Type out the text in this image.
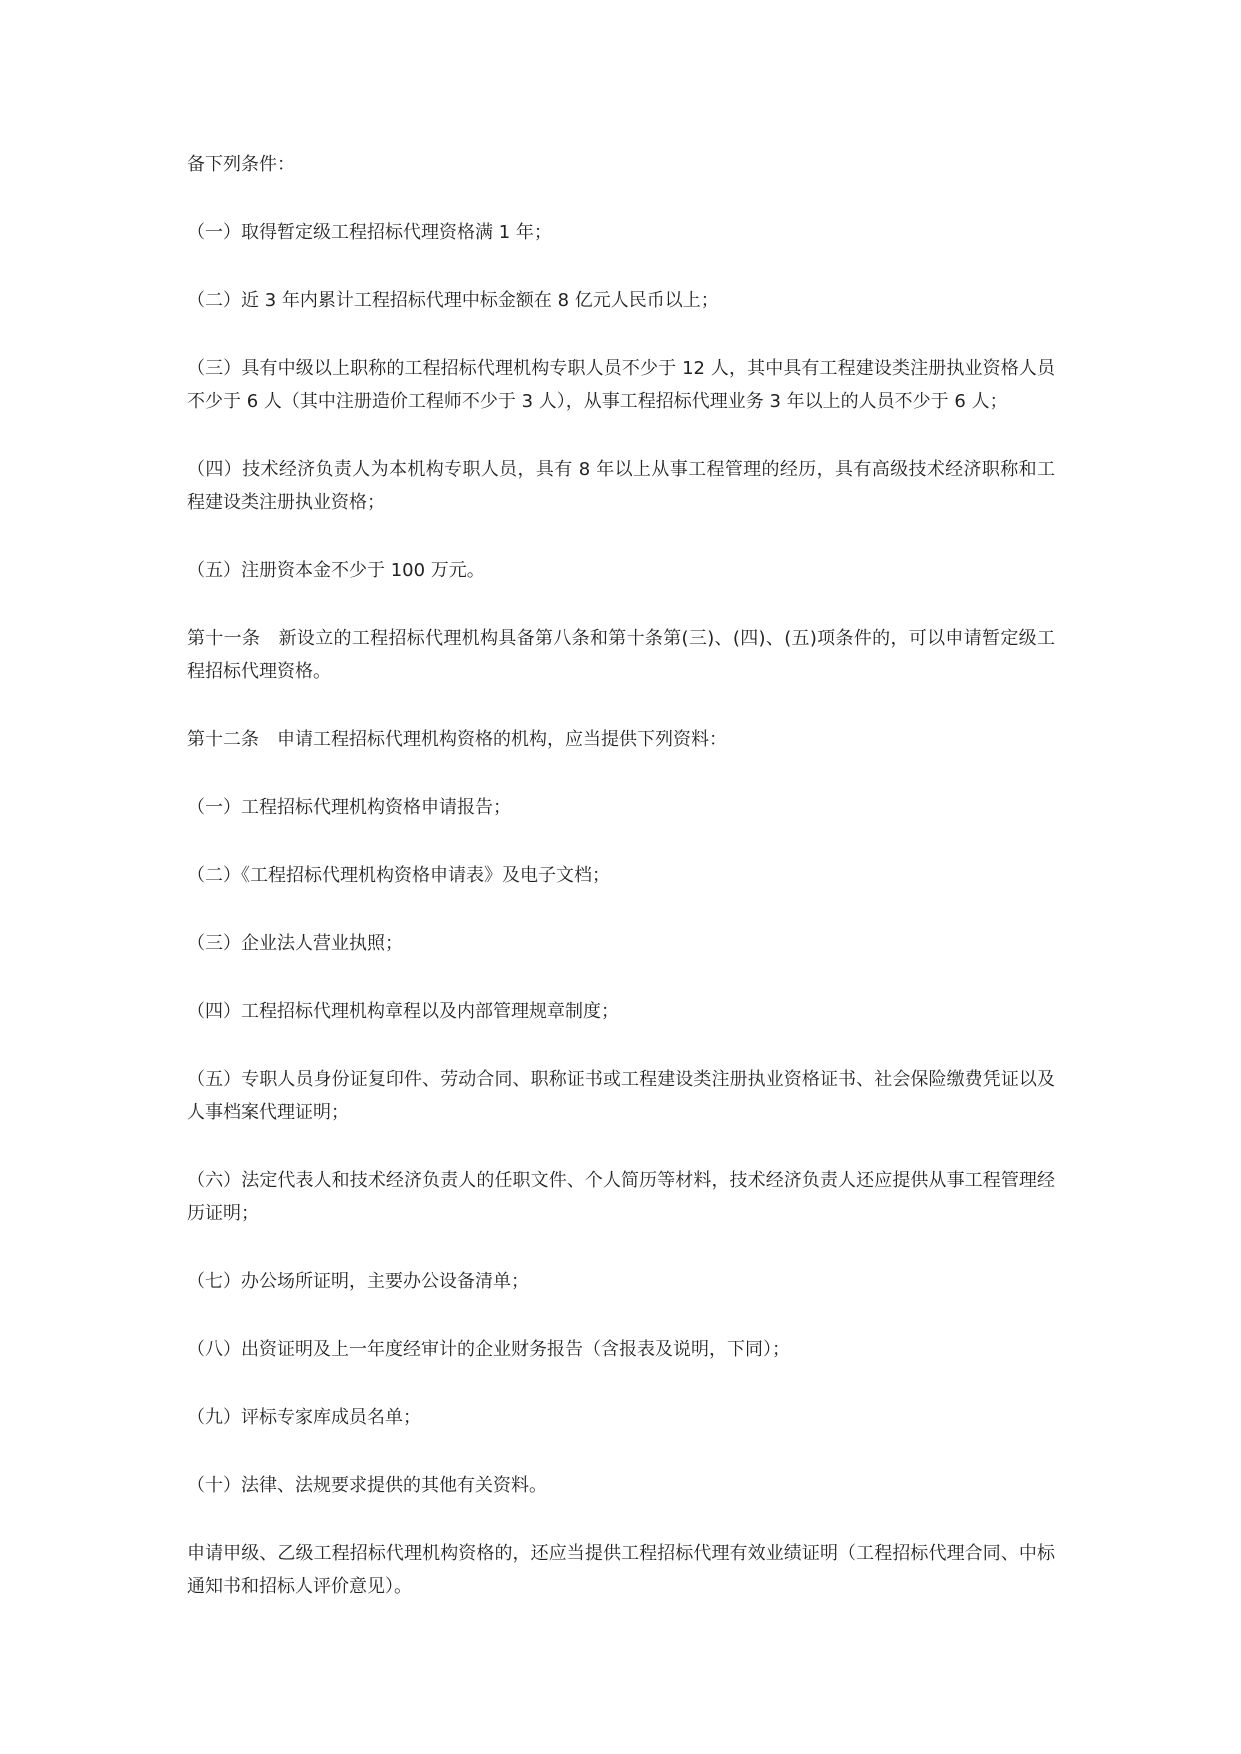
备下列条件：

（一）取得暂定级工程招标代理资格满 1 年；

（二）近 3 年内累计工程招标代理中标金额在 8 亿元人民币以上；

（三）具有中级以上职称的工程招标代理机构专职人员不少于 12 人，其中具有工程建设类注册执业资格人员不少于 6 人（其中注册造价工程师不少于 3 人），从事工程招标代理业务 3 年以上的人员不少于 6 人；

（四）技术经济负责人为本机构专职人员，具有 8 年以上从事工程管理的经历，具有高级技术经济职称和工程建设类注册执业资格；

（五）注册资本金不少于 100 万元。

第十一条　新设立的工程招标代理机构具备第八条和第十条第(三)、(四)、(五)项条件的，可以申请暂定级工程招标代理资格。

第十二条　申请工程招标代理机构资格的机构，应当提供下列资料：

（一）工程招标代理机构资格申请报告；

（二）《工程招标代理机构资格申请表》及电子文档；

（三）企业法人营业执照；

（四）工程招标代理机构章程以及内部管理规章制度；

（五）专职人员身份证复印件、劳动合同、职称证书或工程建设类注册执业资格证书、社会保险缴费凭证以及人事档案代理证明；

（六）法定代表人和技术经济负责人的任职文件、个人简历等材料，技术经济负责人还应提供从事工程管理经历证明；

（七）办公场所证明，主要办公设备清单；

（八）出资证明及上一年度经审计的企业财务报告（含报表及说明，下同）；

（九）评标专家库成员名单；

（十）法律、法规要求提供的其他有关资料。

申请甲级、乙级工程招标代理机构资格的，还应当提供工程招标代理有效业绩证明（工程招标代理合同、中标通知书和招标人评价意见）。
